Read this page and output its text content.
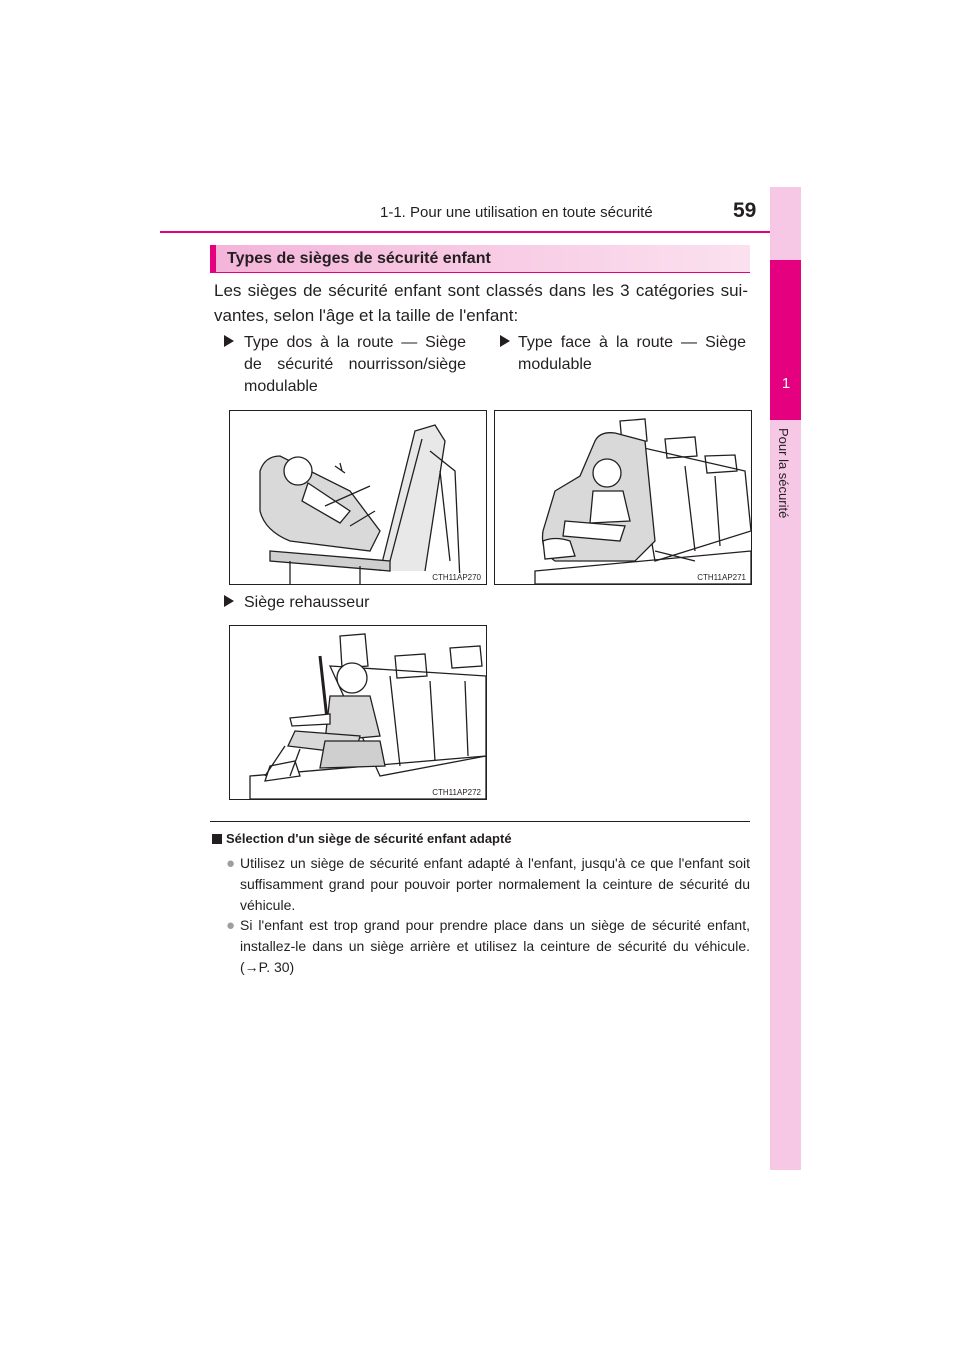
1-1. Pour une utilisation en toute sécurité	59
1
Pour la sécurité
Types de sièges de sécurité enfant
Les sièges de sécurité enfant sont classés dans les 3 catégories sui-vantes, selon l'âge et la taille de l'enfant:
Type dos à la route — Siège de sécurité nourrisson/siège modulable
Type face à la route — Siège modulable
Siège rehausseur
CTH11AP270	CTH11AP271
CTH11AP272
Sélection d'un siège de sécurité enfant adapté
● Utilisez un siège de sécurité enfant adapté à l'enfant, jusqu'à ce que l'enfant soit suffisamment grand pour pouvoir porter normalement la ceinture de sécurité du véhicule.
● Si l'enfant est trop grand pour prendre place dans un siège de sécurité enfant, installez-le dans un siège arrière et utilisez la ceinture de sécurité du véhicule. (→P. 30)
